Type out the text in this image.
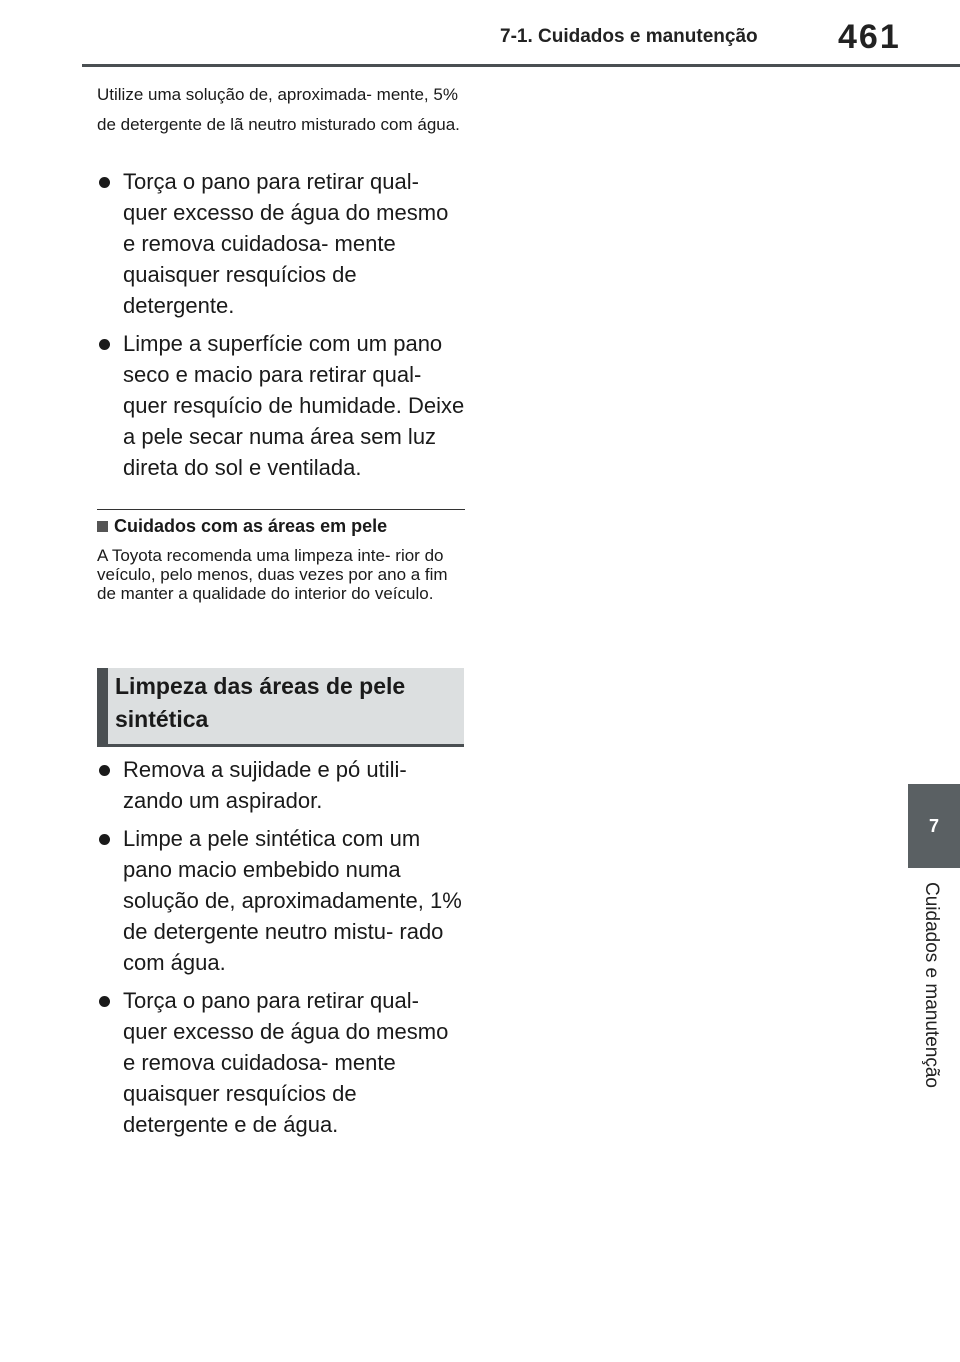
7-1. Cuidados e manutenção 461
7
Cuidados e manutenção
Utilize uma solução de, aproximada- mente, 5% de detergente de lã neutro misturado com água.
Torça o pano para retirar qual- quer excesso de água do mesmo e remova cuidadosa- mente quaisquer resquícios de detergente.
Limpe a superfície com um pano seco e macio para retirar qual- quer resquício de humidade. Deixe a pele secar numa área sem luz direta do sol e ventilada.
Cuidados com as áreas em pele
A Toyota recomenda uma limpeza inte- rior do veículo, pelo menos, duas vezes por ano a fim de manter a qualidade do interior do veículo.
Limpeza das áreas de pele sintética
Remova a sujidade e pó utili- zando um aspirador.
Limpe a pele sintética com um pano macio embebido numa solução de, aproximadamente, 1% de detergente neutro mistu- rado com água.
Torça o pano para retirar qual- quer excesso de água do mesmo e remova cuidadosa- mente quaisquer resquícios de detergente e de água.
